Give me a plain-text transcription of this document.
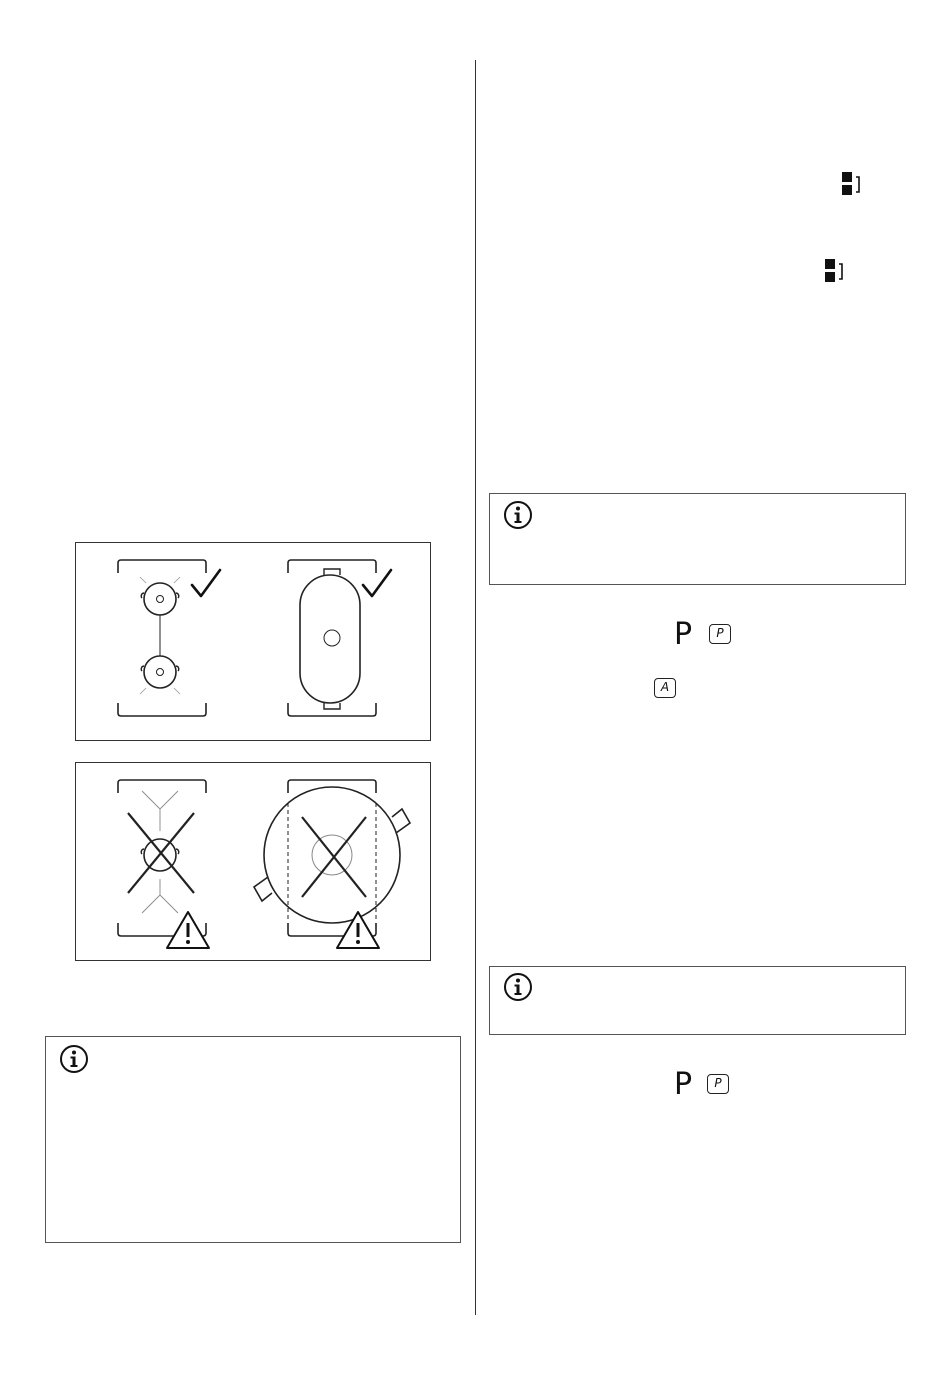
P	P
A
P	P
